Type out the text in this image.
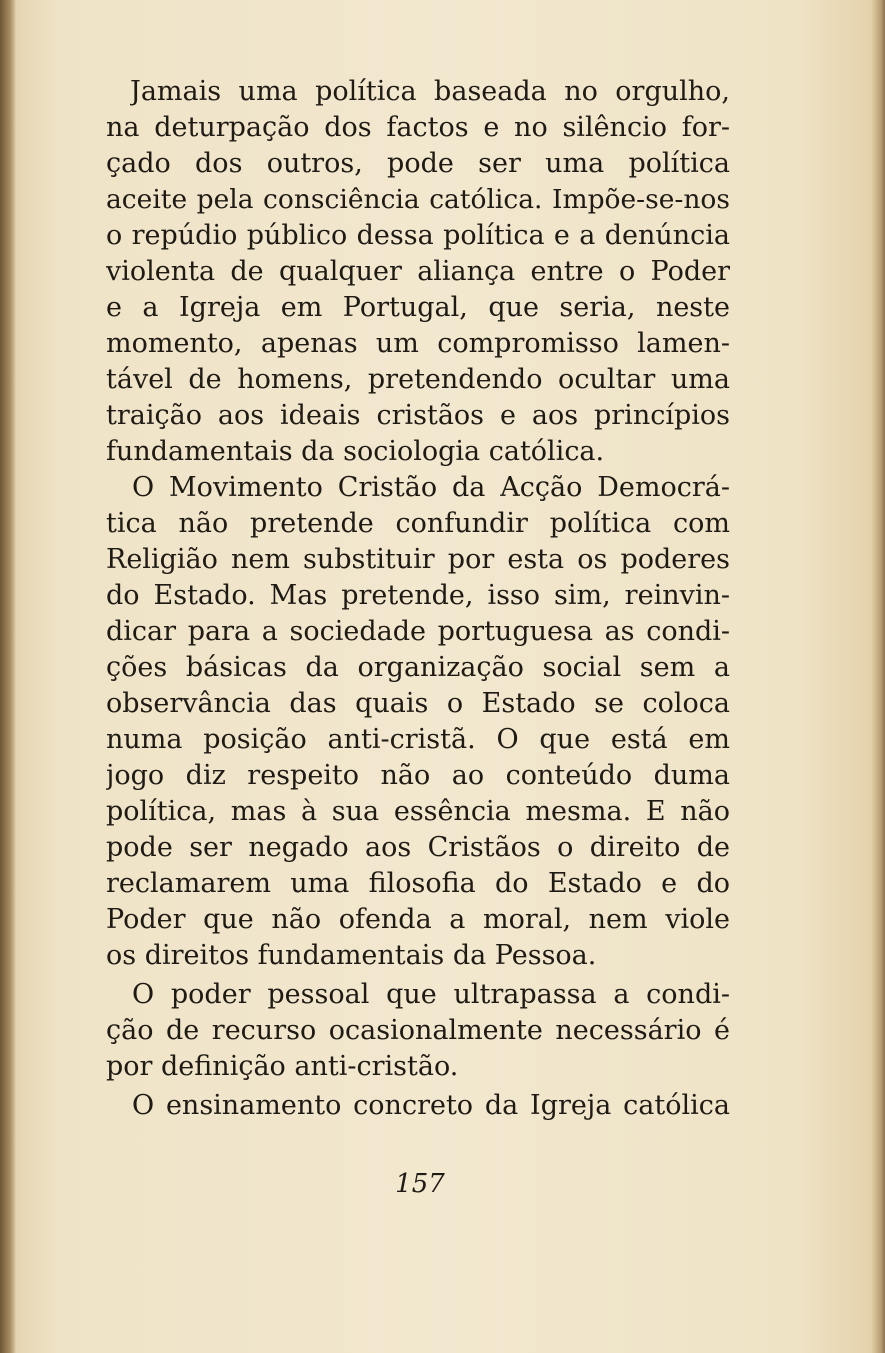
Jamais uma política baseada no orgulho,

na deturpação dos factos e no silêncio for-

çado dos outros, pode ser uma política

aceite pela consciência católica. Impõe-se-nos

o repúdio público dessa política e a denúncia

violenta de qualquer aliança entre o Poder

e a Igreja em Portugal, que seria, neste

momento, apenas um compromisso lamen-

tável de homens, pretendendo ocultar uma

traição aos ideais cristãos e aos princípios

fundamentais da sociologia católica.

O Movimento Cristão da Acção Democrá-

tica não pretende confundir política com

Religião nem substituir por esta os poderes

do Estado. Mas pretende, isso sim, reinvin-

dicar para a sociedade portuguesa as condi-

ções básicas da organização social sem a

observância das quais o Estado se coloca

numa posição anti-cristã. O que está em

jogo diz respeito não ao conteúdo duma

política, mas à sua essência mesma. E não

pode ser negado aos Cristãos o direito de

reclamarem uma filosofia do Estado e do

Poder que não ofenda a moral, nem viole

os direitos fundamentais da Pessoa.

O poder pessoal que ultrapassa a condi-

ção de recurso ocasionalmente necessário é

por definição anti-cristão.

O ensinamento concreto da Igreja católica

157
